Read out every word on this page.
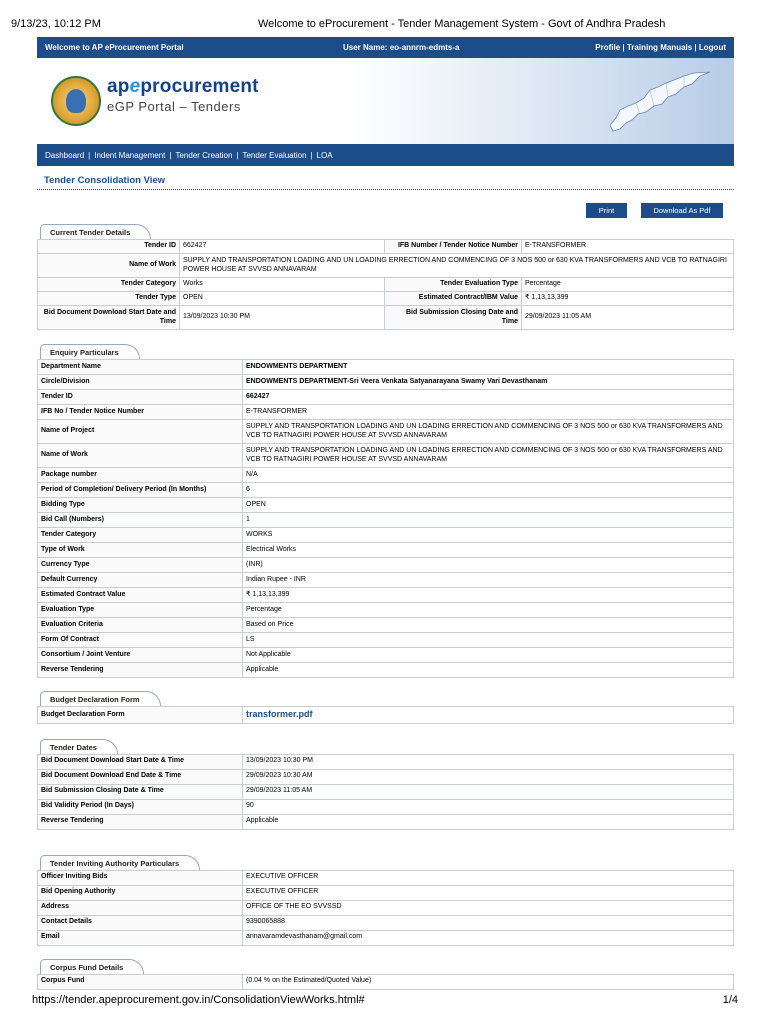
9/13/23, 10:12 PM	Welcome to eProcurement - Tender Management System - Govt of Andhra Pradesh
Welcome to AP eProcurement Portal	User Name: eo-annrm-edmts-a	Profile | Training Manuals | Logout
apeprocurement
eGP Portal – Tenders
Dashboard | Indent Management | Tender Creation | Tender Evaluation | LOA
Tender Consolidation View
Print	Download As Pdf
Current Tender Details
Tender ID	662427	IFB Number / Tender Notice Number	E-TRANSFORMER
Name of Work	SUPPLY AND TRANSPORTATION LOADING AND UN LOADING ERRECTION AND COMMENCING OF 3 NOS 500 or 630 KVA TRANSFORMERS AND VCB TO RATNAGIRI POWER HOUSE AT SVVSD ANNAVARAM		
Tender Category	Works	Tender Evaluation Type	Percentage
Tender Type	OPEN	Estimated Contract/IBM Value	₹ 1,13,13,399
Bid Document Download Start Date and Time	13/09/2023 10:30 PM	Bid Submission Closing Date and Time	29/09/2023 11:05 AM
Enquiry Particulars
Department Name	ENDOWMENTS DEPARTMENT
Circle/Division	ENDOWMENTS DEPARTMENT-Sri Veera Venkata Satyanarayana Swamy Vari Devasthanam
Tender ID	662427
IFB No / Tender Notice Number	E-TRANSFORMER
Name of Project	SUPPLY AND TRANSPORTATION LOADING AND UN LOADING ERRECTION AND COMMENCING OF 3 NOS 500 or 630 KVA TRANSFORMERS AND VCB TO RATNAGIRI POWER HOUSE AT SVVSD ANNAVARAM
Name of Work	SUPPLY AND TRANSPORTATION LOADING AND UN LOADING ERRECTION AND COMMENCING OF 3 NOS 500 or 630 KVA TRANSFORMERS AND VCB TO RATNAGIRI POWER HOUSE AT SVVSD ANNAVARAM
Package number	N/A
Period of Completion/ Delivery Period (In Months)	6
Bidding Type	OPEN
Bid Call (Numbers)	1
Tender Category	WORKS
Type of Work	Electrical Works
Currency Type	(INR)
Default Currency	Indian Rupee - INR
Estimated Contract Value	₹ 1,13,13,399
Evaluation Type	Percentage
Evaluation Criteria	Based on Price
Form Of Contract	LS
Consortium / Joint Venture	Not Applicable
Reverse Tendering	Applicable
Budget Declaration Form
Budget Declaration Form	transformer.pdf
Tender Dates
Bid Document Download Start Date & Time	13/09/2023 10:30 PM
Bid Document Download End Date & Time	29/09/2023 10:30 AM
Bid Submission Closing Date & Time	29/09/2023 11:05 AM
Bid Validity Period (In Days)	90
Reverse Tendering	Applicable
Tender Inviting Authority Particulars
Officer Inviting Bids	EXECUTIVE OFFICER
Bid Opening Authority	EXECUTIVE OFFICER
Address	OFFICE OF THE EO SVVSSD
Contact Details	9390065888
Email	annavaramdevasthanam@gmail.com
Corpus Fund Details
Corpus Fund	(0.04 % on the Estimated/Quoted Value)
https://tender.apeprocurement.gov.in/ConsolidationViewWorks.html#	1/4
